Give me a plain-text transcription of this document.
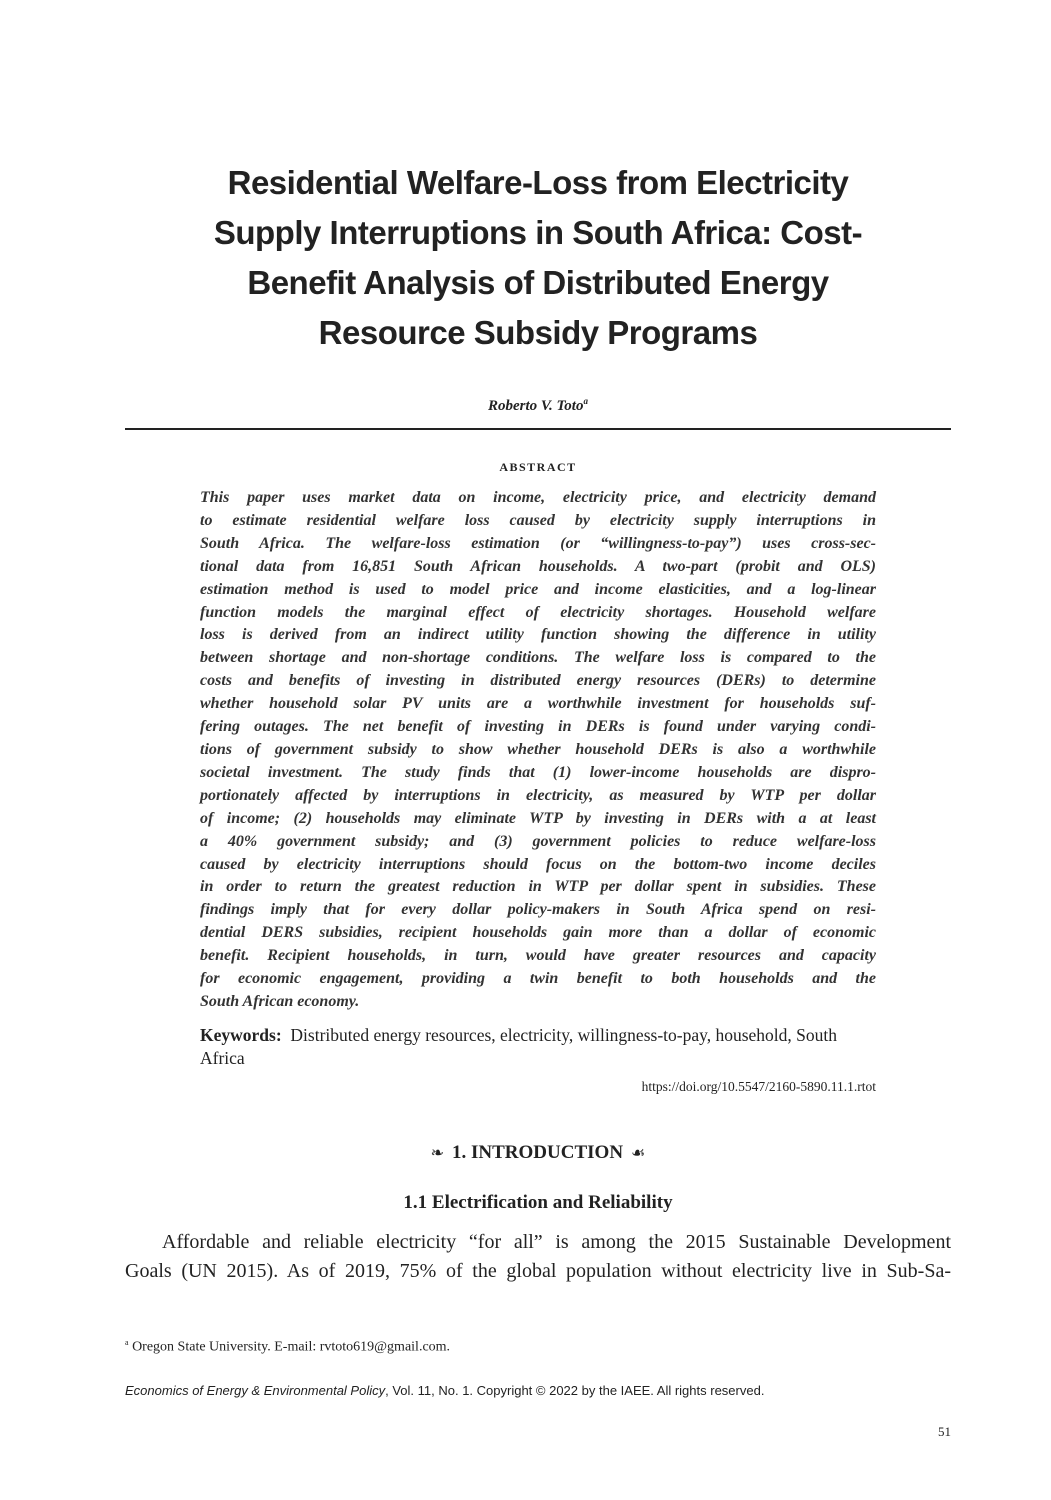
Residential Welfare-Loss from Electricity
Supply Interruptions in South Africa: Cost-
Benefit Analysis of Distributed Energy
Resource Subsidy Programs
Roberto V. Toto$^a$
ABSTRACT
This paper uses market data on income, electricity price, and electricity demand
to estimate residential welfare loss caused by electricity supply interruptions in
South Africa. The welfare-loss estimation (or “willingness-to-pay”) uses cross-sec-
tional data from 16,851 South African households. A two-part (probit and OLS)
estimation method is used to model price and income elasticities, and a log-linear
function models the marginal effect of electricity shortages. Household welfare
loss is derived from an indirect utility function showing the difference in utility
between shortage and non-shortage conditions. The welfare loss is compared to the
costs and benefits of investing in distributed energy resources (DERs) to determine
whether household solar PV units are a worthwhile investment for households suf-
fering outages. The net benefit of investing in DERs is found under varying condi-
tions of government subsidy to show whether household DERs is also a worthwhile
societal investment. The study finds that (1) lower-income households are dispro-
portionately affected by interruptions in electricity, as measured by WTP per dollar
of income; (2) households may eliminate WTP by investing in DERs with a at least
a 40% government subsidy; and (3) government policies to reduce welfare-loss
caused by electricity interruptions should focus on the bottom-two income deciles
in order to return the greatest reduction in WTP per dollar spent in subsidies. These
findings imply that for every dollar policy-makers in South Africa spend on resi-
dential DERS subsidies, recipient households gain more than a dollar of economic
benefit. Recipient households, in turn, would have greater resources and capacity
for economic engagement, providing a twin benefit to both households and the
South African economy.
Keywords: Distributed energy resources, electricity, willingness-to-pay, household, South Africa
https://doi.org/10.5547/2160-5890.11.1.rtot
❧ 1. INTRODUCTION ☙
1.1 Electrification and Reliability
Affordable and reliable electricity “for all” is among the 2015 Sustainable Development
Goals (UN 2015). As of 2019, 75% of the global population without electricity live in Sub-Sa-
$^a$ Oregon State University. E-mail: rvtoto619@gmail.com.
Economics of Energy & Environmental Policy, Vol. 11, No. 1. Copyright © 2022 by the IAEE. All rights reserved.
51
